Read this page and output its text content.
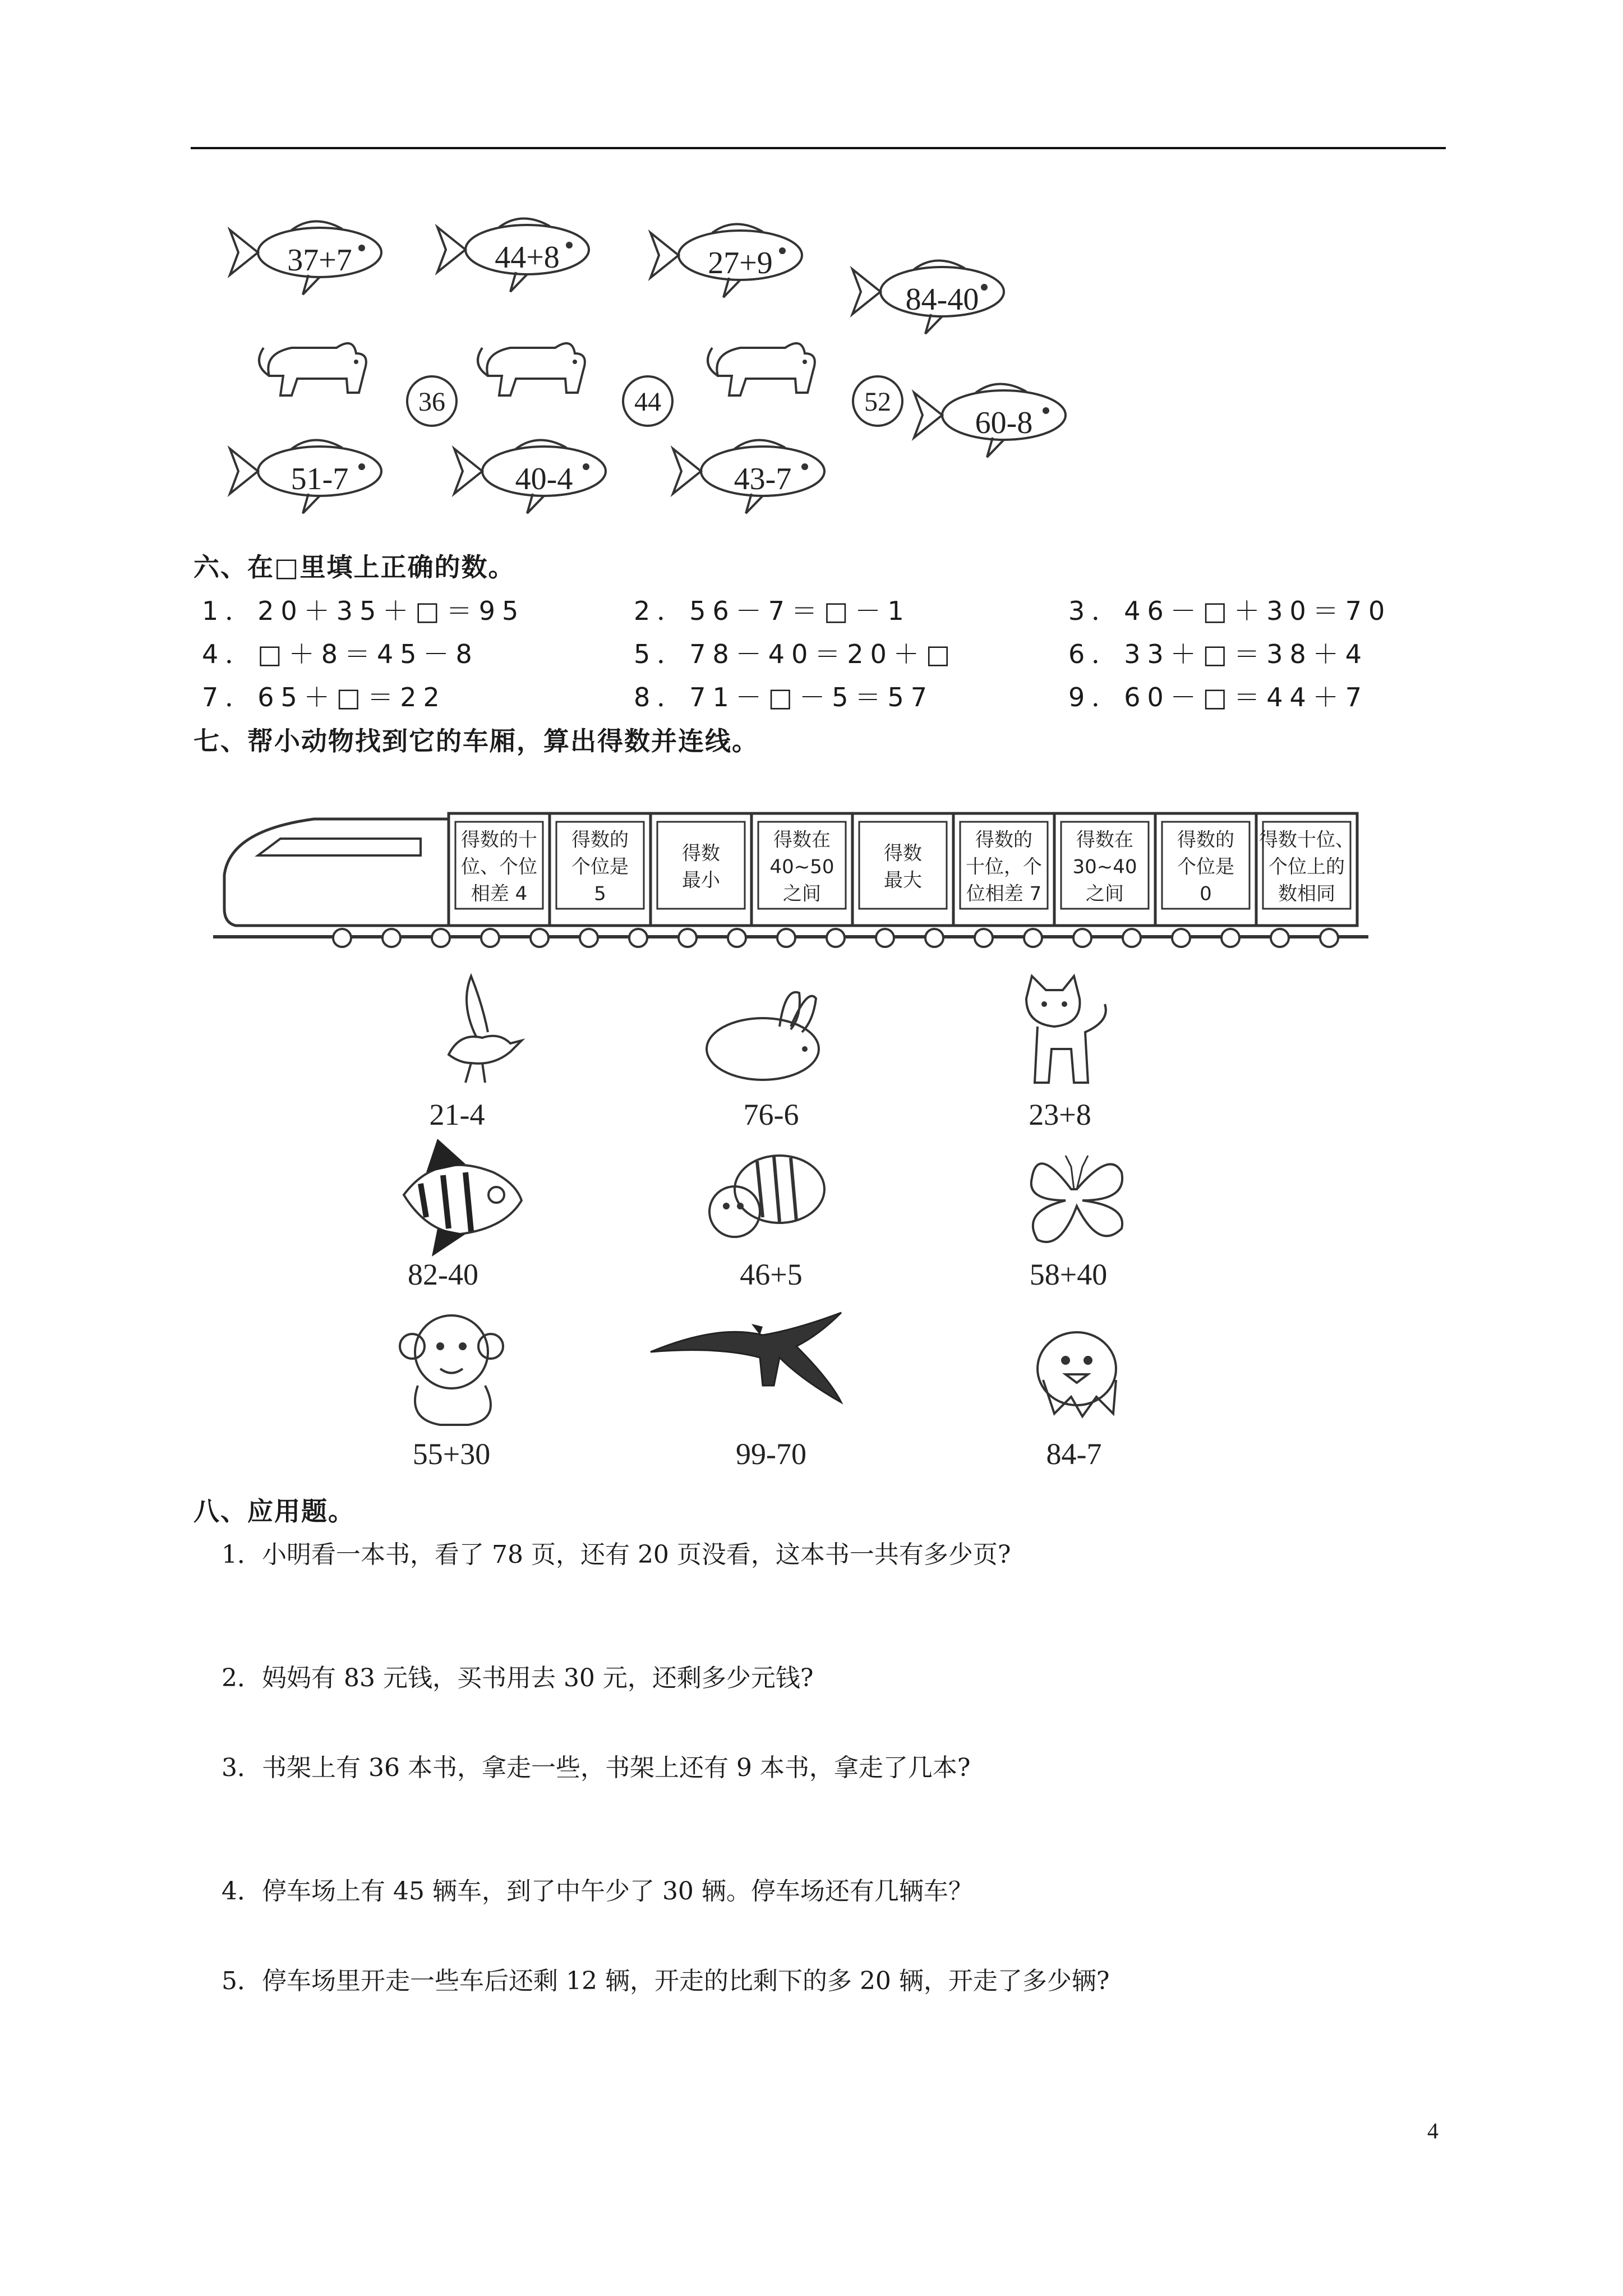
37+7	44+8	27+9
84-40
36	44	52
60-8
51-7	40-4	43-7
六、在□里填上正确的数。
1．20＋35＋□＝95	2．56－7＝□－1	3．46－□＋30＝70
4．□＋8＝45－8	5．78－40＝20＋□	6．33＋□＝38＋4
7．65＋□＝22	8．71－□－5＝57	9．60－□＝44＋7
七、帮小动物找到它的车厢，算出得数并连线。
得数的十
位、个位
相差 4
得数的
个位是
5
得数
最小
得数在
40~50
之间
得数
最大
得数的
十位，个
位相差 7
得数在
30~40
之间
得数的
个位是
0
得数十位、
个位上的
数相同
21-4	76-6	23+8
82-40	46+5	58+40
55+30	99-70	84-7
八、应用题。
1．小明看一本书，看了 78 页，还有 20 页没看，这本书一共有多少页?
2．妈妈有 83 元钱，买书用去 30 元，还剩多少元钱?
3．书架上有 36 本书，拿走一些，书架上还有 9 本书，拿走了几本?
4．停车场上有 45 辆车，到了中午少了 30 辆。停车场还有几辆车？
5．停车场里开走一些车后还剩 12 辆，开走的比剩下的多 20 辆，开走了多少辆?
4
